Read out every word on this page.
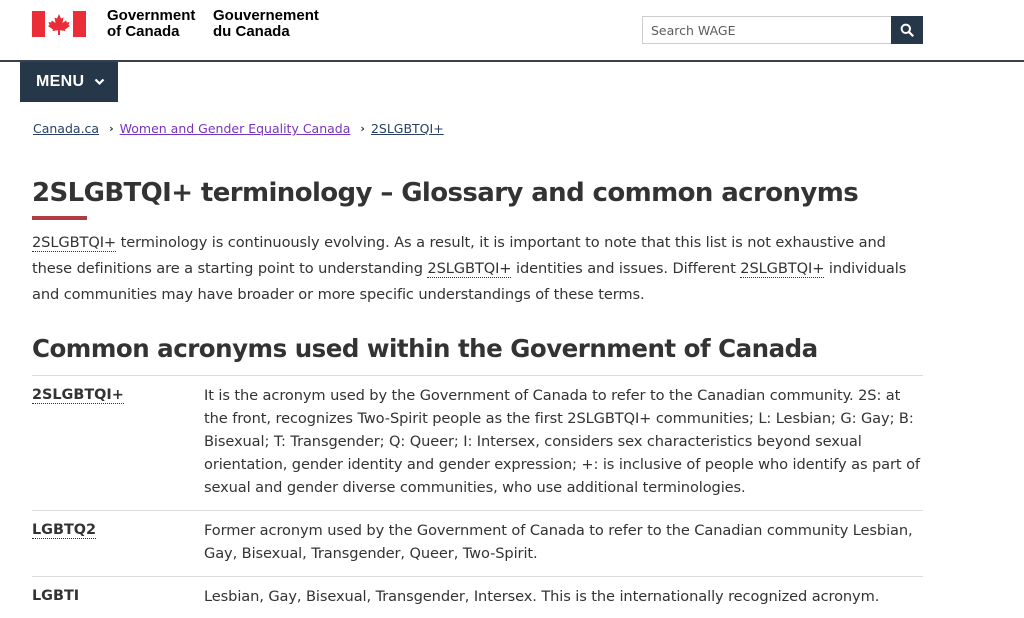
Government
of Canada
Gouvernement
du Canada
Search WAGE
MENU
Canada.ca › Women and Gender Equality Canada › 2SLGBTQI+
2SLGBTQI+ terminology – Glossary and common acronyms

2SLGBTQI+ terminology is continuously evolving. As a result, it is important to note that this list is not exhaustive and these definitions are a starting point to understanding 2SLGBTQI+ identities and issues. Different 2SLGBTQI+ individuals and communities may have broader or more specific understandings of these terms.

Common acronyms used within the Government of Canada
2SLGBTQI+	It is the acronym used by the Government of Canada to refer to the Canadian community. 2S: at the front, recognizes Two-Spirit people as the first 2SLGBTQI+ communities; L: Lesbian; G: Gay; B: Bisexual; T: Transgender; Q: Queer; I: Intersex, considers sex characteristics beyond sexual orientation, gender identity and gender expression; +: is inclusive of people who identify as part of sexual and gender diverse communities, who use additional terminologies.
LGBTQ2	Former acronym used by the Government of Canada to refer to the Canadian community Lesbian, Gay, Bisexual, Transgender, Queer, Two-Spirit.
LGBTI	Lesbian, Gay, Bisexual, Transgender, Intersex. This is the internationally recognized acronym.
